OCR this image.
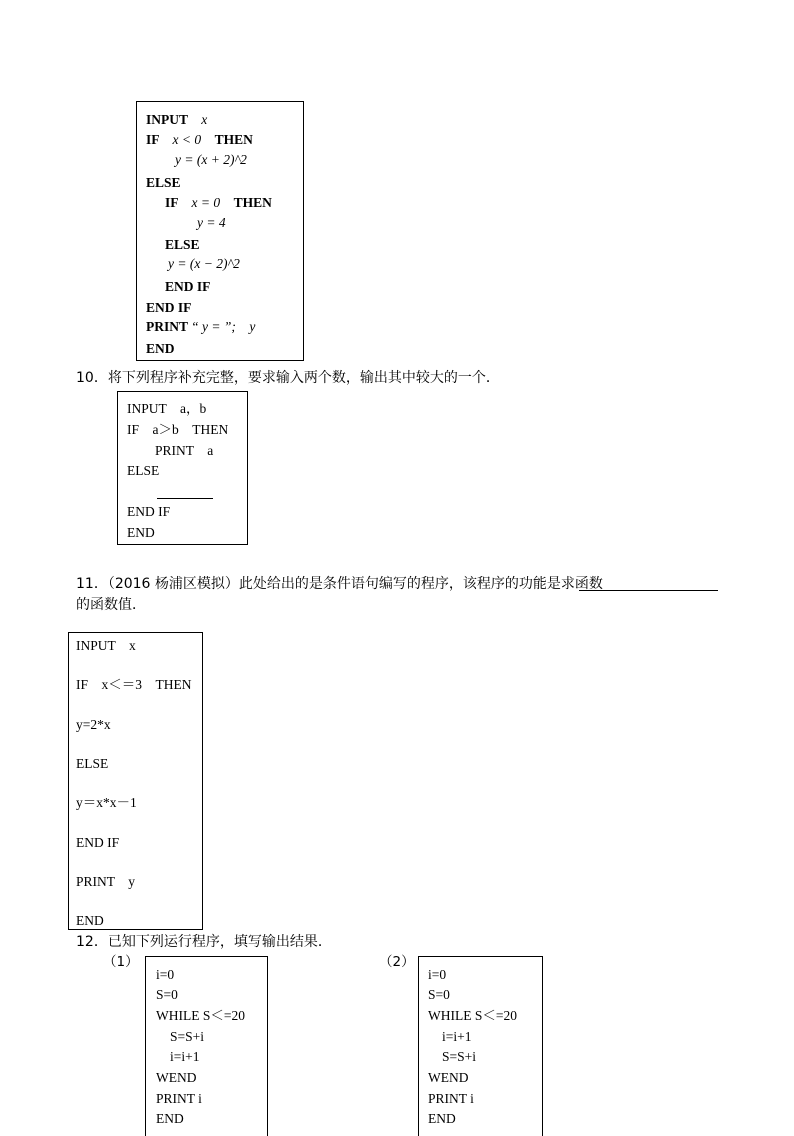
INPUT　 x
IF　 x < 0　 THEN
y = (x + 2)^2
ELSE
IF　 x = 0　 THEN
y = 4
ELSE
y = (x − 2)^2
END IF
END IF
PRINT “ y = ”;　 y
END
10．将下列程序补充完整，要求输入两个数，输出其中较大的一个．
INPUT　a，b
IF　a＞b　THEN
PRINT　a
ELSE
END IF
END
11．（2016 杨浦区模拟）此处给出的是条件语句编写的程序，该程序的功能是求函数
的函数值．
INPUT　x
IF　x＜＝3　THEN
y=2*x
ELSE
y＝x*x－1
END IF
PRINT　y
END
12．已知下列运行程序，填写输出结果．
（1）	（2）
i=0
S=0
WHILE S＜=20
S=S+i
i=i+1
WEND
PRINT i
END
i=0
S=0
WHILE S＜=20
i=i+1
S=S+i
WEND
PRINT i
END
